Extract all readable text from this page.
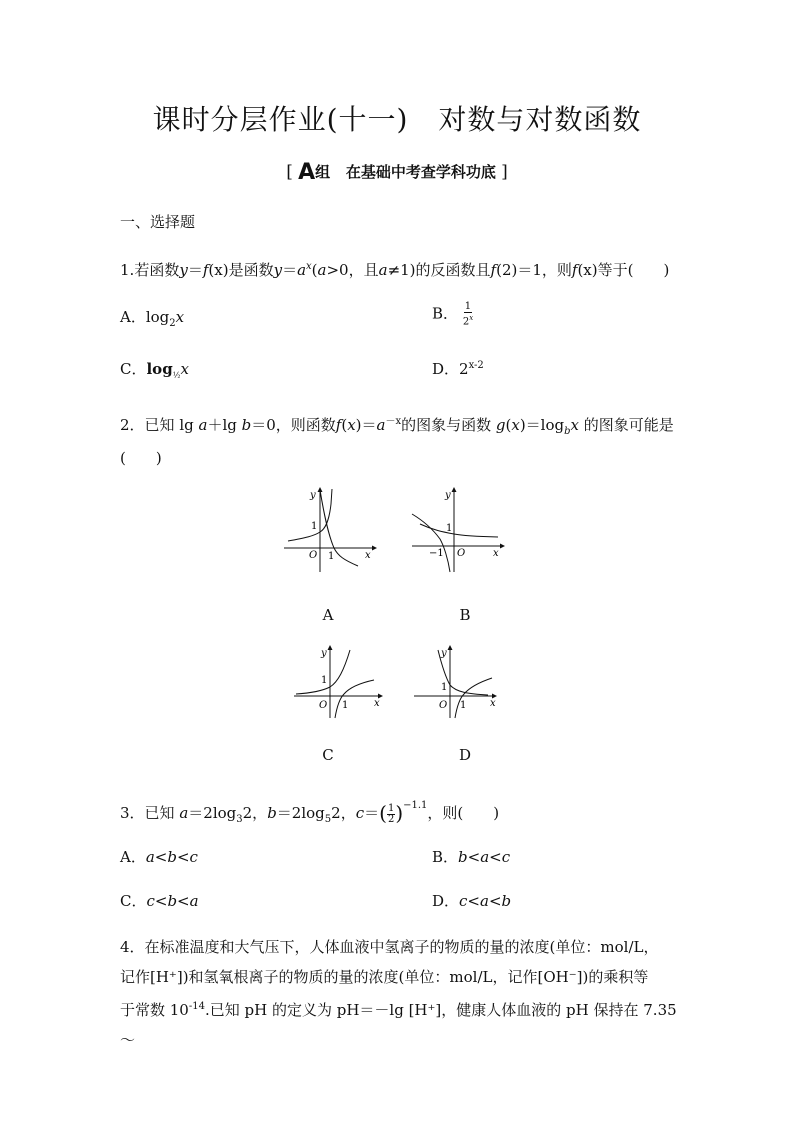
课时分层作业(十一) 对数与对数函数
[ A组 在基础中考查学科功底 ]
一、选择题
1.若函数y＝f(x)是函数$y=a^x(a>0$，且a≠1)的反函数且f(2)＝1，则f(x)等于(　　)
A．$\log_2x$	B． $\frac{1}{2^x}$
C．$\log_{\frac{1}{2}}x$	D．2$^{x-2}$
2．已知 lg a＋lg b＝0，则函数$f(x)=a^{-x}$的图象与函数 $g(x)=\log_bx$ 的图象可能是
(　　)
y
x
O
1
1
A
y
x
O
1
−1
B
y
x
O
1
1
C
y
x
O
1
1
D
3．已知 $a=2\log_32$，$b=2\log_52$，$c=( \frac{1}{2} )^{-1.1}$，则(　　)
A．a<b<c	B．b<a<c
C．c<b<a	D．c<a<b
4．在标准温度和大气压下，人体血液中氢离子的物质的量的浓度(单位：mol/L，
记作[H⁺])和氢氧根离子的物质的量的浓度(单位：mol/L，记作[OH⁻])的乘积等
于常数 $10^{-14}$.已知 pH 的定义为 pH＝－lg [H⁺]，健康人体血液的 pH 保持在 7.35～
